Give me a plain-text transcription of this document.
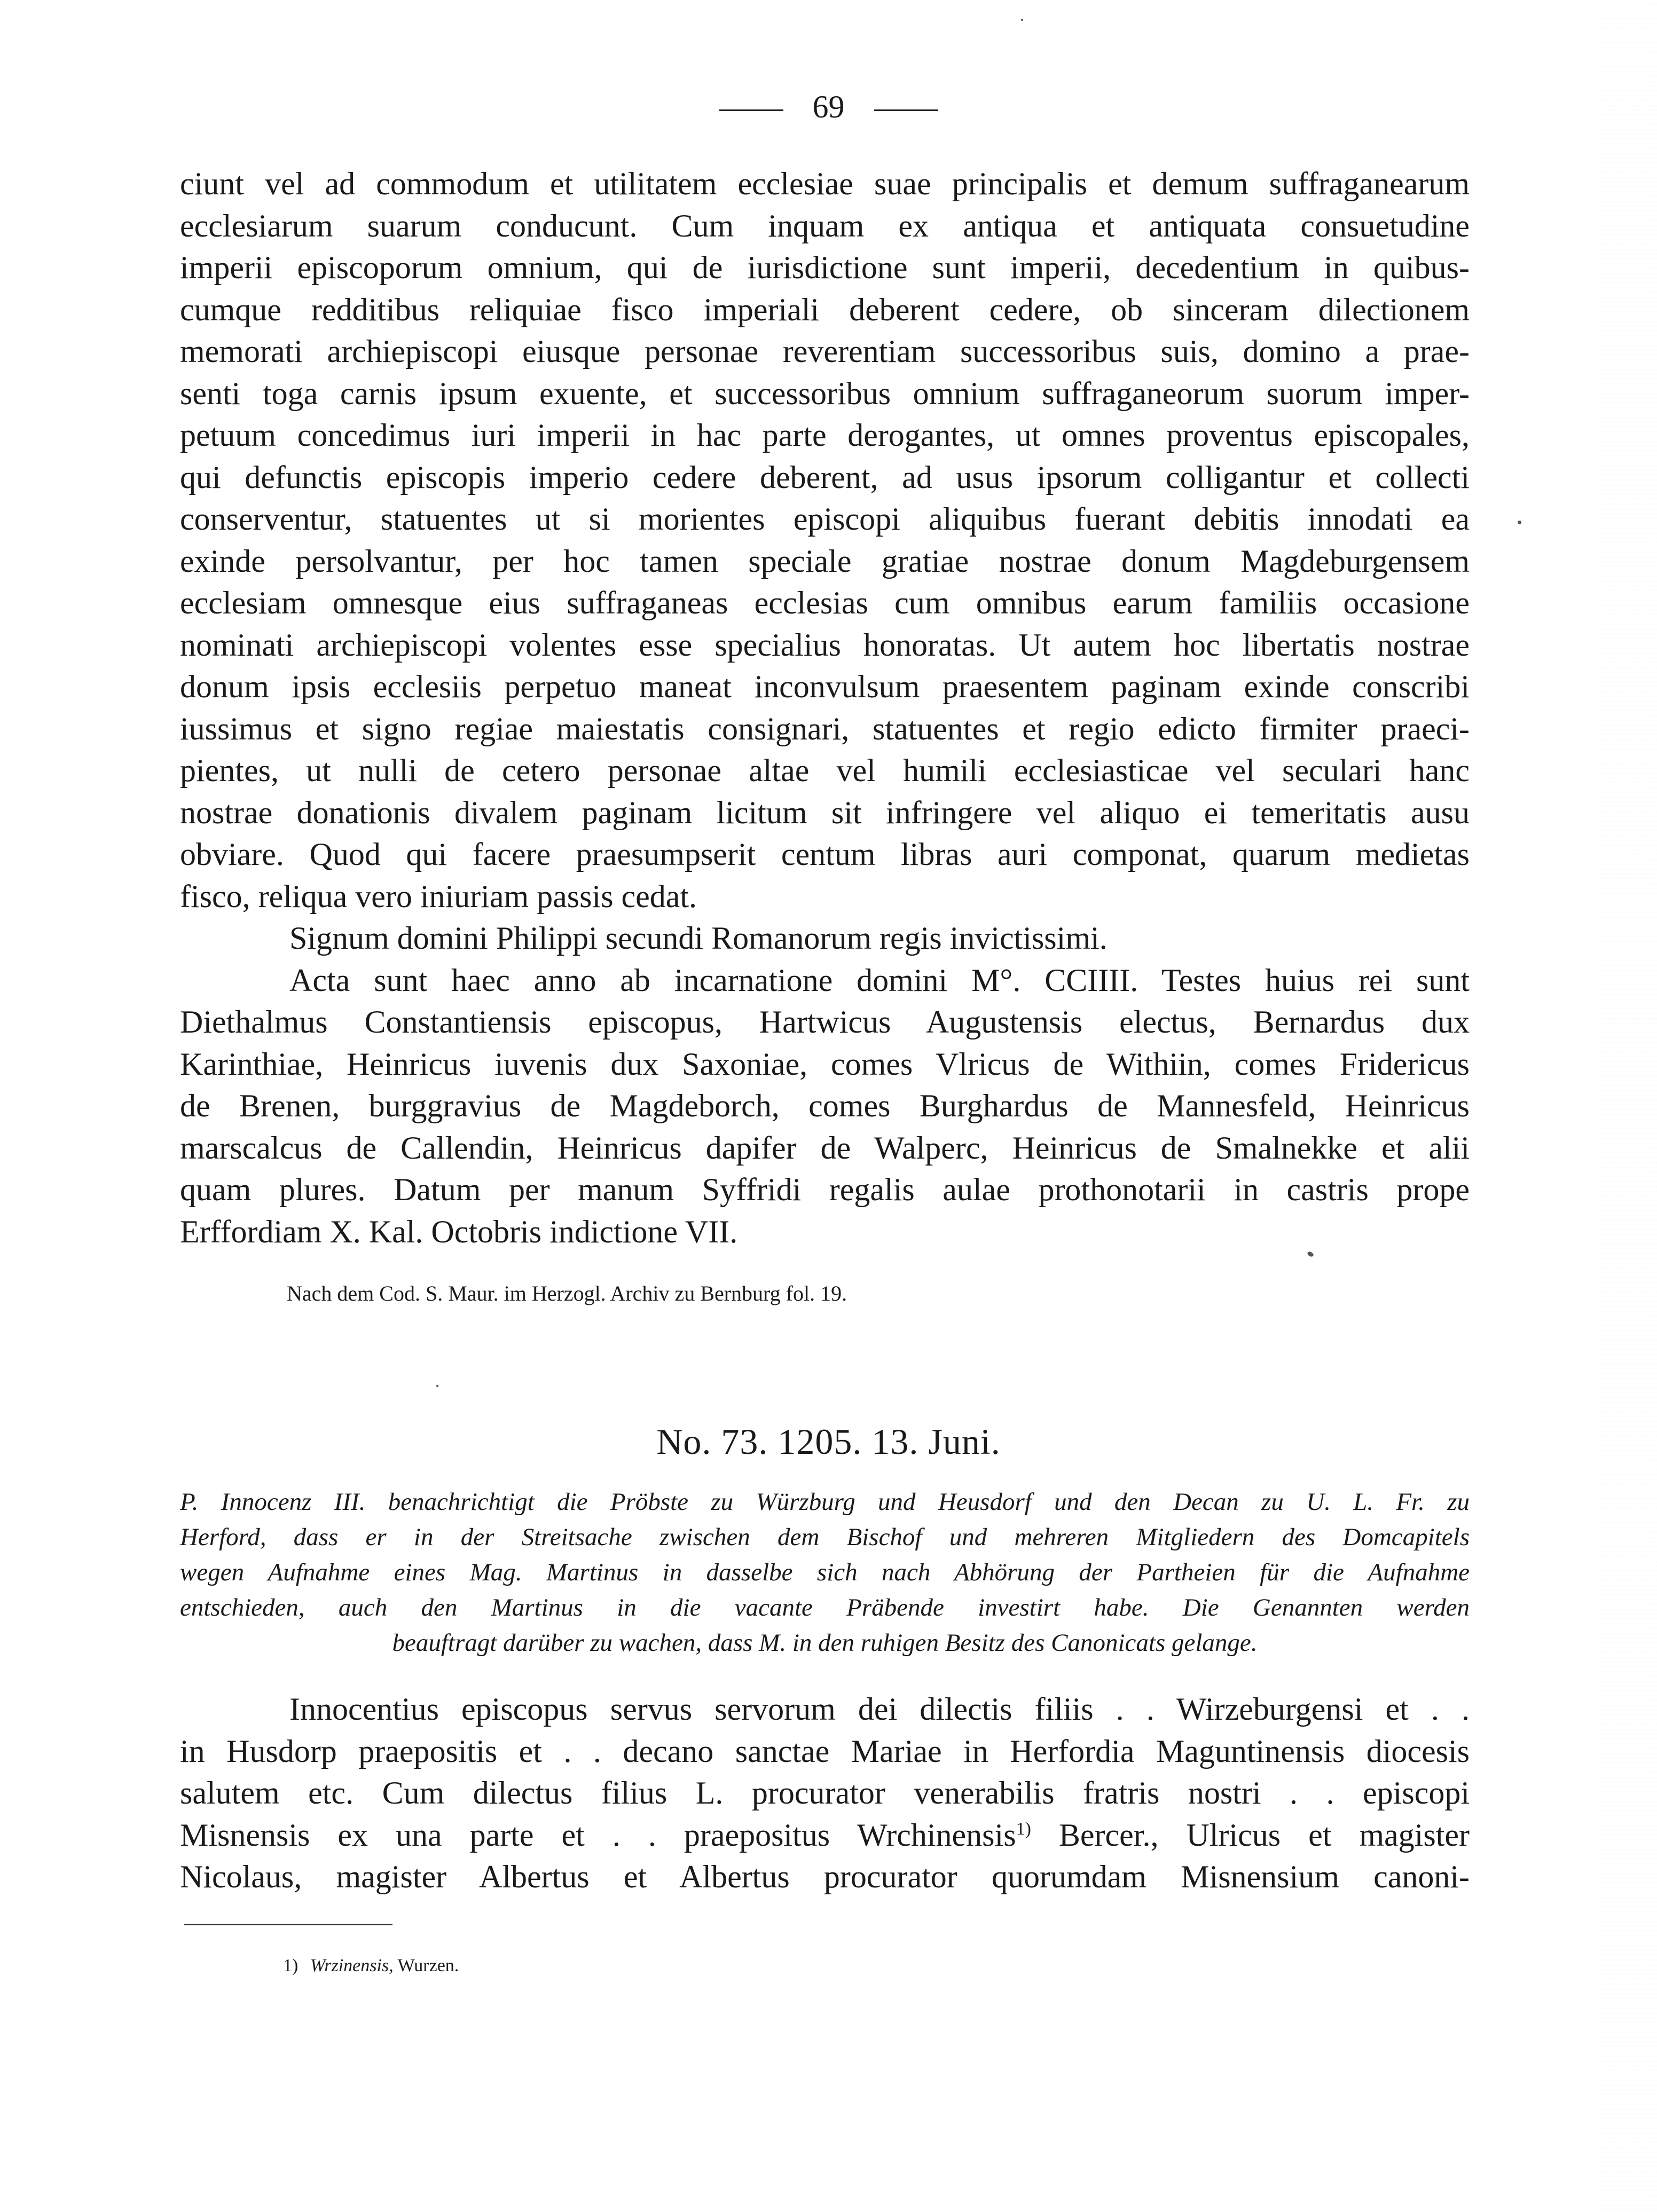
69
ciunt vel ad commodum et utilitatem ecclesiae suae principalis et demum suffraganearum
ecclesiarum suarum conducunt. Cum inquam ex antiqua et antiquata consuetudine
imperii episcoporum omnium, qui de iurisdictione sunt imperii, decedentium in quibus-
cumque redditibus reliquiae fisco imperiali deberent cedere, ob sinceram dilectionem
memorati archiepiscopi eiusque personae reverentiam successoribus suis, domino a prae-
senti toga carnis ipsum exuente, et successoribus omnium suffraganeorum suorum imper-
petuum concedimus iuri imperii in hac parte derogantes, ut omnes proventus episcopales,
qui defunctis episcopis imperio cedere deberent, ad usus ipsorum colligantur et collecti
conserventur, statuentes ut si morientes episcopi aliquibus fuerant debitis innodati ea
exinde persolvantur, per hoc tamen speciale gratiae nostrae donum Magdeburgensem
ecclesiam omnesque eius suffraganeas ecclesias cum omnibus earum familiis occasione
nominati archiepiscopi volentes esse specialius honoratas. Ut autem hoc libertatis nostrae
donum ipsis ecclesiis perpetuo maneat inconvulsum praesentem paginam exinde conscribi
iussimus et signo regiae maiestatis consignari, statuentes et regio edicto firmiter praeci-
pientes, ut nulli de cetero personae altae vel humili ecclesiasticae vel seculari hanc
nostrae donationis divalem paginam licitum sit infringere vel aliquo ei temeritatis ausu
obviare. Quod qui facere praesumpserit centum libras auri componat, quarum medietas
fisco, reliqua vero iniuriam passis cedat.
Signum domini Philippi secundi Romanorum regis invictissimi.
Acta sunt haec anno ab incarnatione domini M°. CCIIII. Testes huius rei sunt
Diethalmus Constantiensis episcopus, Hartwicus Augustensis electus, Bernardus dux
Karinthiae, Heinricus iuvenis dux Saxoniae, comes Vlricus de Withiin, comes Fridericus
de Brenen, burggravius de Magdeborch, comes Burghardus de Mannesfeld, Heinricus
marscalcus de Callendin, Heinricus dapifer de Walperc, Heinricus de Smalnekke et alii
quam plures. Datum per manum Syffridi regalis aulae prothonotarii in castris prope
Erffordiam X. Kal. Octobris indictione VII.
Nach dem Cod. S. Maur. im Herzogl. Archiv zu Bernburg fol. 19.
No. 73. 1205. 13. Juni.
P. Innocenz III. benachrichtigt die Pröbste zu Würzburg und Heusdorf und den Decan zu U. L. Fr. zu
Herford, dass er in der Streitsache zwischen dem Bischof und mehreren Mitgliedern des Domcapitels
wegen Aufnahme eines Mag. Martinus in dasselbe sich nach Abhörung der Partheien für die Aufnahme
entschieden, auch den Martinus in die vacante Präbende investirt habe. Die Genannten werden
beauftragt darüber zu wachen, dass M. in den ruhigen Besitz des Canonicats gelange.
Innocentius episcopus servus servorum dei dilectis filiis . . Wirzeburgensi et . .
in Husdorp praepositis et . . decano sanctae Mariae in Herfordia Maguntinensis diocesis
salutem etc. Cum dilectus filius L. procurator venerabilis fratris nostri . . episcopi
Misnensis ex una parte et . . praepositus Wrchinensis$^{1)}$ Bercer., Ulricus et magister
Nicolaus, magister Albertus et Albertus procurator quorumdam Misnensium canoni-
1) Wrzinensis, Wurzen.
